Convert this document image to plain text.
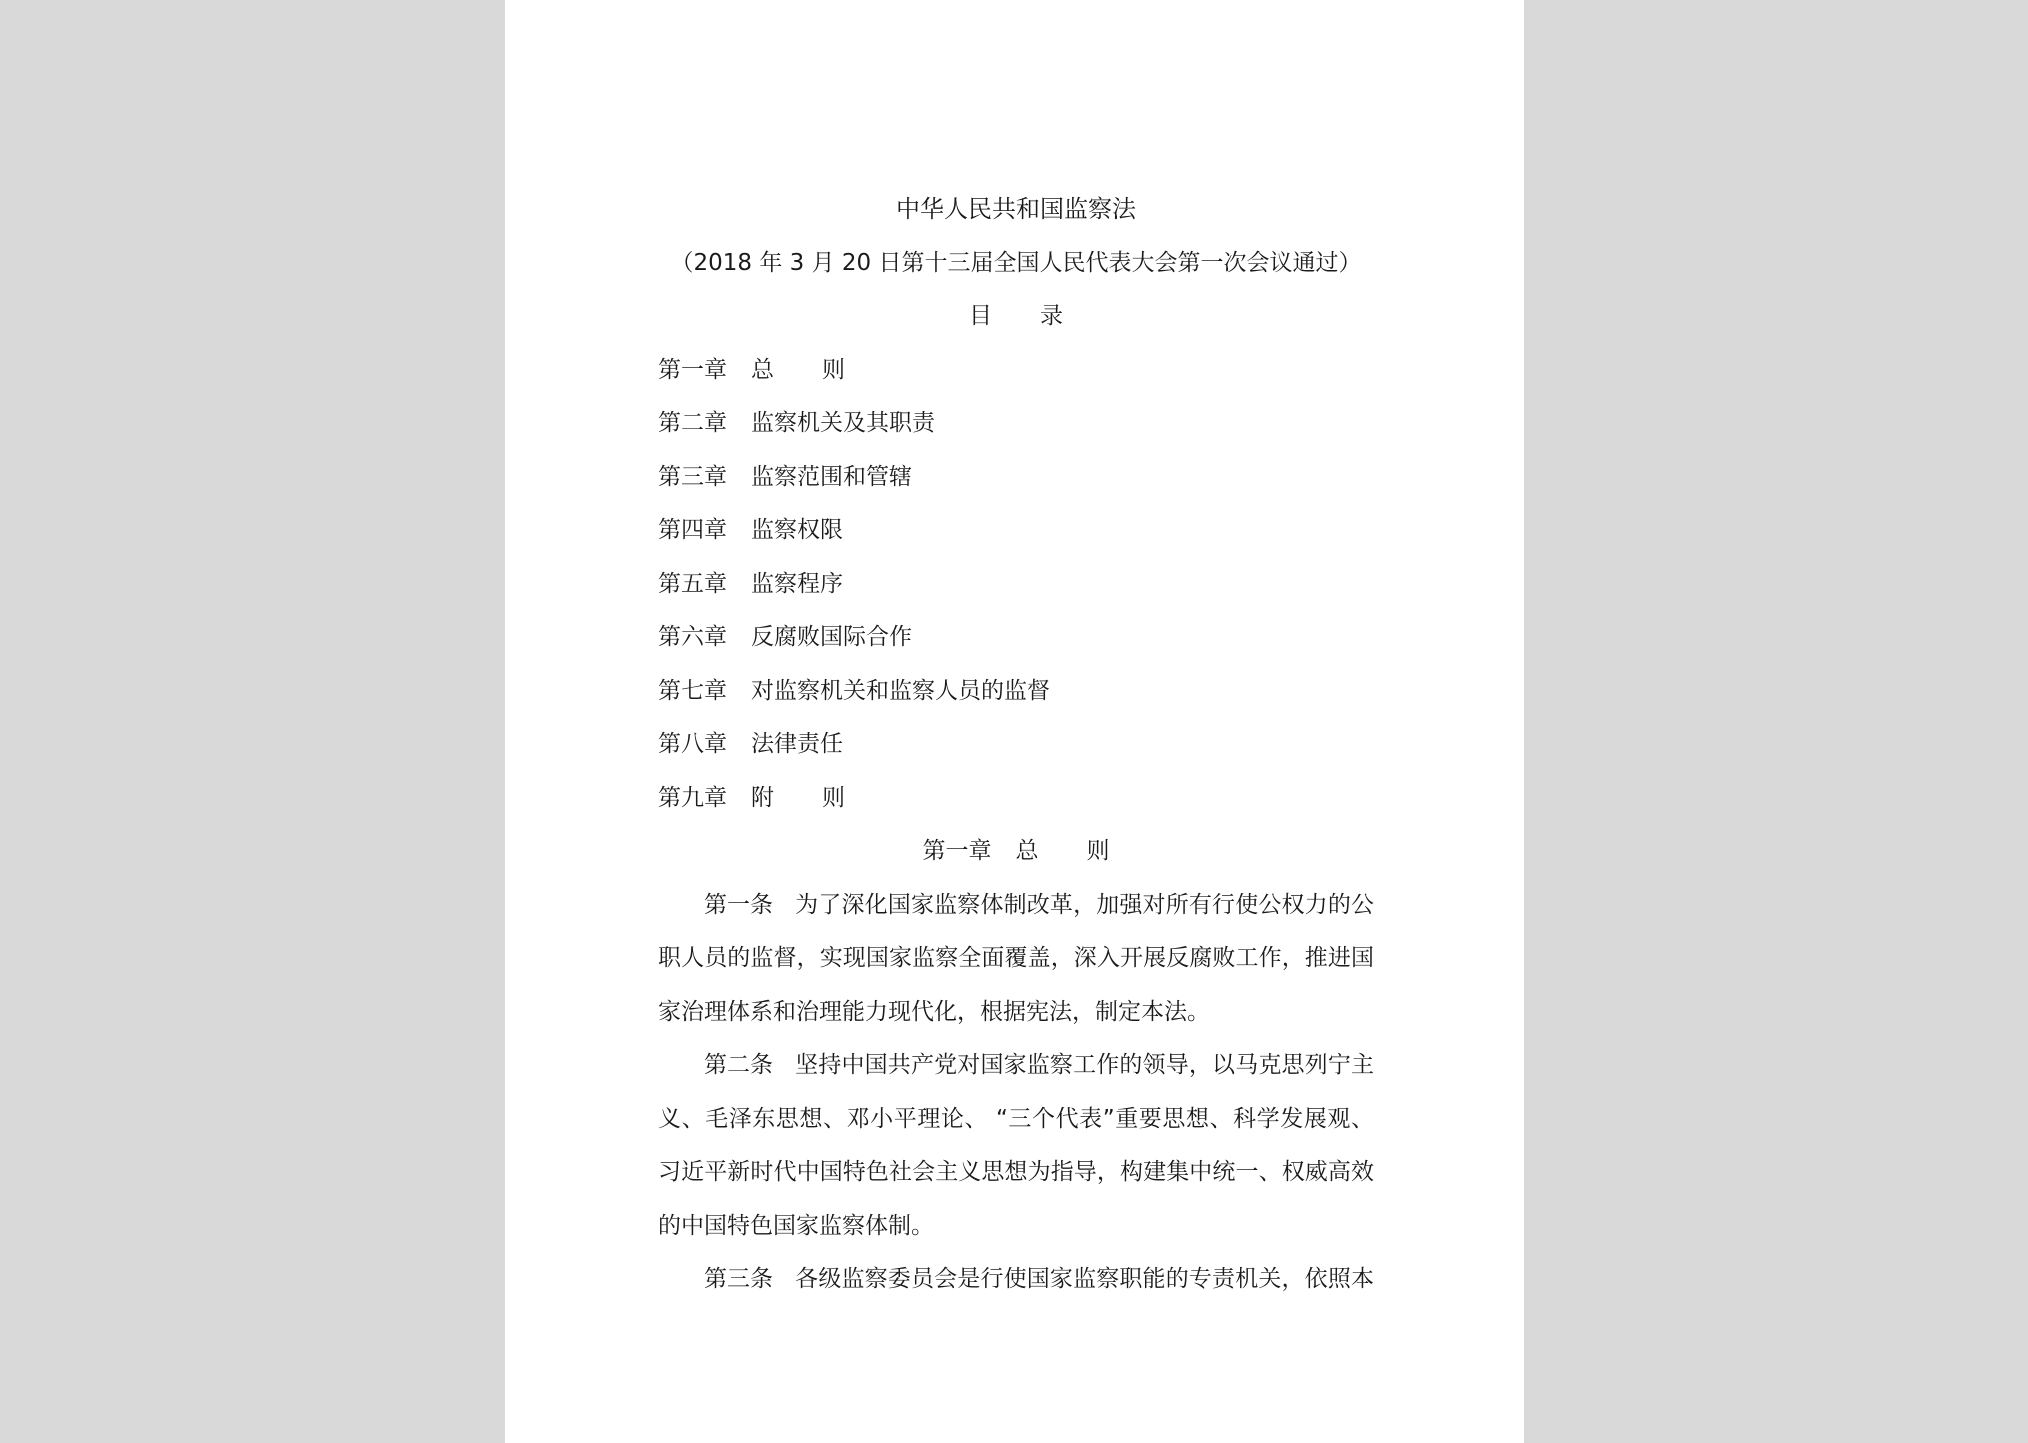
中华人民共和国监察法
（2018 年 3 月 20 日第十三届全国人民代表大会第一次会议通过）
目 录
第一章 总 则
第二章 监察机关及其职责
第三章 监察范围和管辖
第四章 监察权限
第五章 监察程序
第六章 反腐败国际合作
第七章 对监察机关和监察人员的监督
第八章 法律责任
第九章 附 则
第一章 总 则
第一条 为了深化国家监察体制改革，加强对所有行使公权力的公
职人员的监督，实现国家监察全面覆盖，深入开展反腐败工作，推进国
家治理体系和治理能力现代化，根据宪法，制定本法。
第二条 坚持中国共产党对国家监察工作的领导，以马克思列宁主
义、毛泽东思想、邓小平理论、 “三个代表”重要思想、科学发展观、
习近平新时代中国特色社会主义思想为指导，构建集中统一、权威高效
的中国特色国家监察体制。
第三条 各级监察委员会是行使国家监察职能的专责机关，依照本
